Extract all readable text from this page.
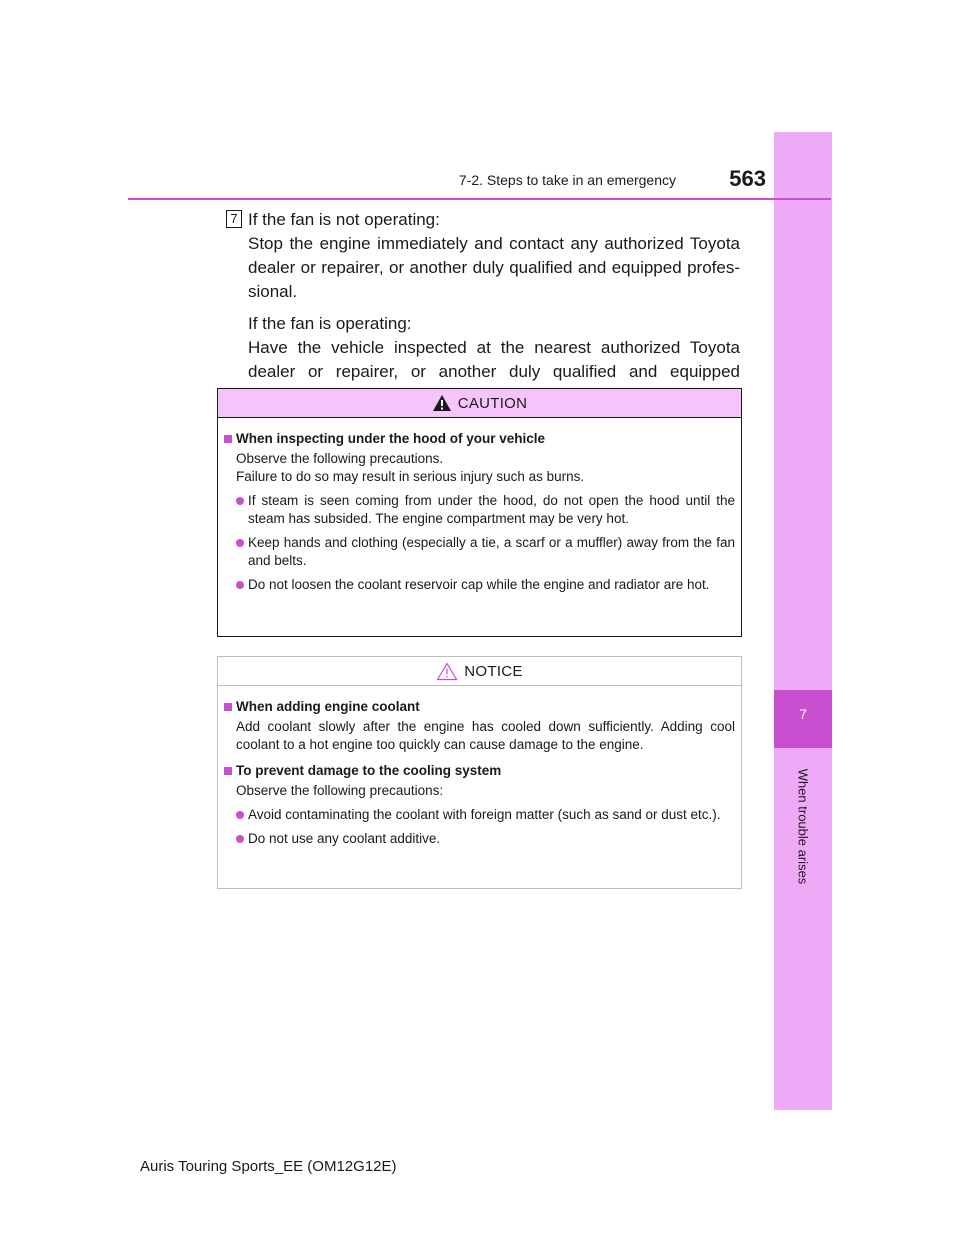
7
When trouble arises
7-2. Steps to take in an emergency	563
7 If the fan is not operating:

Stop the engine immediately and contact any authorized Toyota dealer or repairer, or another duly qualified and equipped profes-sional.

If the fan is operating:

Have the vehicle inspected at the nearest authorized Toyota dealer or repairer, or another duly qualified and equipped

CAUTION
When inspecting under the hood of your vehicle

Observe the following precautions.

Failure to do so may result in serious injury such as burns.

If steam is seen coming from under the hood, do not open the hood until the steam has subsided. The engine compartment may be very hot.
Keep hands and clothing (especially a tie, a scarf or a muffler) away from the fan and belts.
Do not loosen the coolant reservoir cap while the engine and radiator are hot.
NOTICE
When adding engine coolant

Add coolant slowly after the engine has cooled down sufficiently. Adding cool coolant to a hot engine too quickly can cause damage to the engine.

To prevent damage to the cooling system

Observe the following precautions:

Avoid contaminating the coolant with foreign matter (such as sand or dust etc.).
Do not use any coolant additive.
Auris Touring Sports_EE (OM12G12E)
